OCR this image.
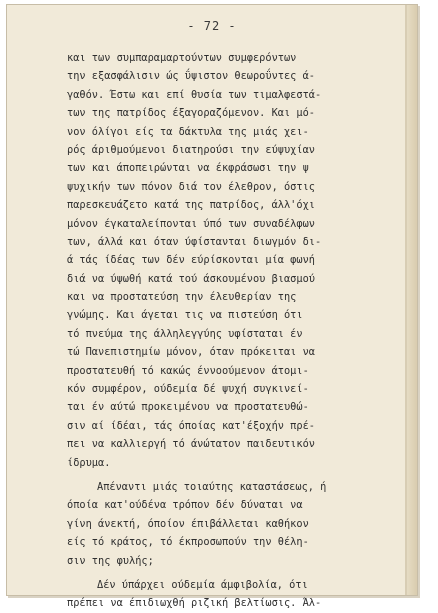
- 72 -
και των συμπαραμαρτούντων συμφερόντων
την εξασφάλισιν ώς ΰψιστον θεωροΰντες ά-
γαθόν. Έστω και επί θυσία των τιμαλφεστά-
των της πατρίδος έξαγοραζόμενον. Και μό-
νον όλίγοι είς τα δάκτυλα της μιάς χει-
ρός άριθμούμενοι διατηρούσι την εύψυχίαν
των και άποπειρώνται να έκφράσωσι την ψ
ψυχικήν των πόνον διά τον έλεθρον, όστις
παρεσκευάζετο κατά της πατρίδος, άλλ'όχι
μόνον έγκαταλείπονται ύπό των συναδέλφων
των, άλλά και όταν ύφίστανται διωγμόν δι-
ά τάς ίδέας των δέν εύρίσκονται μία φωνή
διά να ύψωθή κατά τού άσκουμένου βιασμού
και να προστατεύση την έλευθερίαν της
γνώμης. Και άγεται τις να πιστεύση ότι
τό πνεύμα της άλληλεγγύης υφίσταται έν
τώ Πανεπιστημίω μόνον, όταν πρόκειται να
προστατευθή τό κακώς έννοούμενον άτομι-
κόν συμφέρον, ούδεμία δέ ψυχή συγκινεί-
ται έν αύτώ προκειμένου να προστατευθώ-
σιν αί ίδέαι, τάς όποίας κατ'έξοχήν πρέ-
πει να καλλιεργή τό άνώτατον παιδευτικόν
ίδρυμα.
Απέναντι μιάς τοιαύτης καταστάσεως, ή
όποία κατ'ούδένα τρόπον δέν δύναται να
γίνη άνεκτή, όποίον έπιβάλλεται καθήκον
είς τό κράτος, τό έκπροσωπούν την θέλη-
σιν της φυλής;
Δέν ύπάρχει ούδεμία άμφιβολία, ότι
πρέπει να έπιδιωχθή ριζική βελτίωσις. Άλ-
